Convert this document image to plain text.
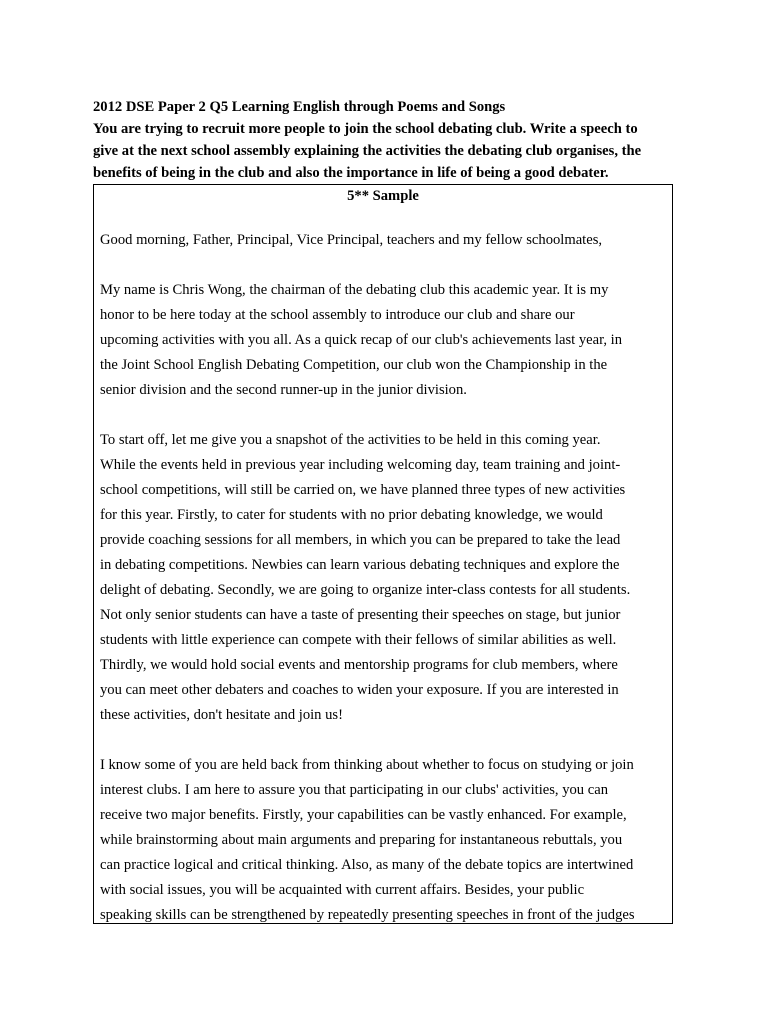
2012 DSE Paper 2 Q5 Learning English through Poems and Songs
You are trying to recruit more people to join the school debating club. Write a speech to
give at the next school assembly explaining the activities the debating club organises, the
benefits of being in the club and also the importance in life of being a good debater.
5** Sample
Good morning, Father, Principal, Vice Principal, teachers and my fellow schoolmates,
My name is Chris Wong, the chairman of the debating club this academic year. It is my
honor to be here today at the school assembly to introduce our club and share our
upcoming activities with you all. As a quick recap of our club's achievements last year, in
the Joint School English Debating Competition, our club won the Championship in the
senior division and the second runner-up in the junior division.
To start off, let me give you a snapshot of the activities to be held in this coming year.
While the events held in previous year including welcoming day, team training and joint-
school competitions, will still be carried on, we have planned three types of new activities
for this year. Firstly, to cater for students with no prior debating knowledge, we would
provide coaching sessions for all members, in which you can be prepared to take the lead
in debating competitions. Newbies can learn various debating techniques and explore the
delight of debating. Secondly, we are going to organize inter-class contests for all students.
Not only senior students can have a taste of presenting their speeches on stage, but junior
students with little experience can compete with their fellows of similar abilities as well.
Thirdly, we would hold social events and mentorship programs for club members, where
you can meet other debaters and coaches to widen your exposure. If you are interested in
these activities, don't hesitate and join us!
I know some of you are held back from thinking about whether to focus on studying or join
interest clubs. I am here to assure you that participating in our clubs' activities, you can
receive two major benefits. Firstly, your capabilities can be vastly enhanced. For example,
while brainstorming about main arguments and preparing for instantaneous rebuttals, you
can practice logical and critical thinking. Also, as many of the debate topics are intertwined
with social issues, you will be acquainted with current affairs. Besides, your public
speaking skills can be strengthened by repeatedly presenting speeches in front of the judges
